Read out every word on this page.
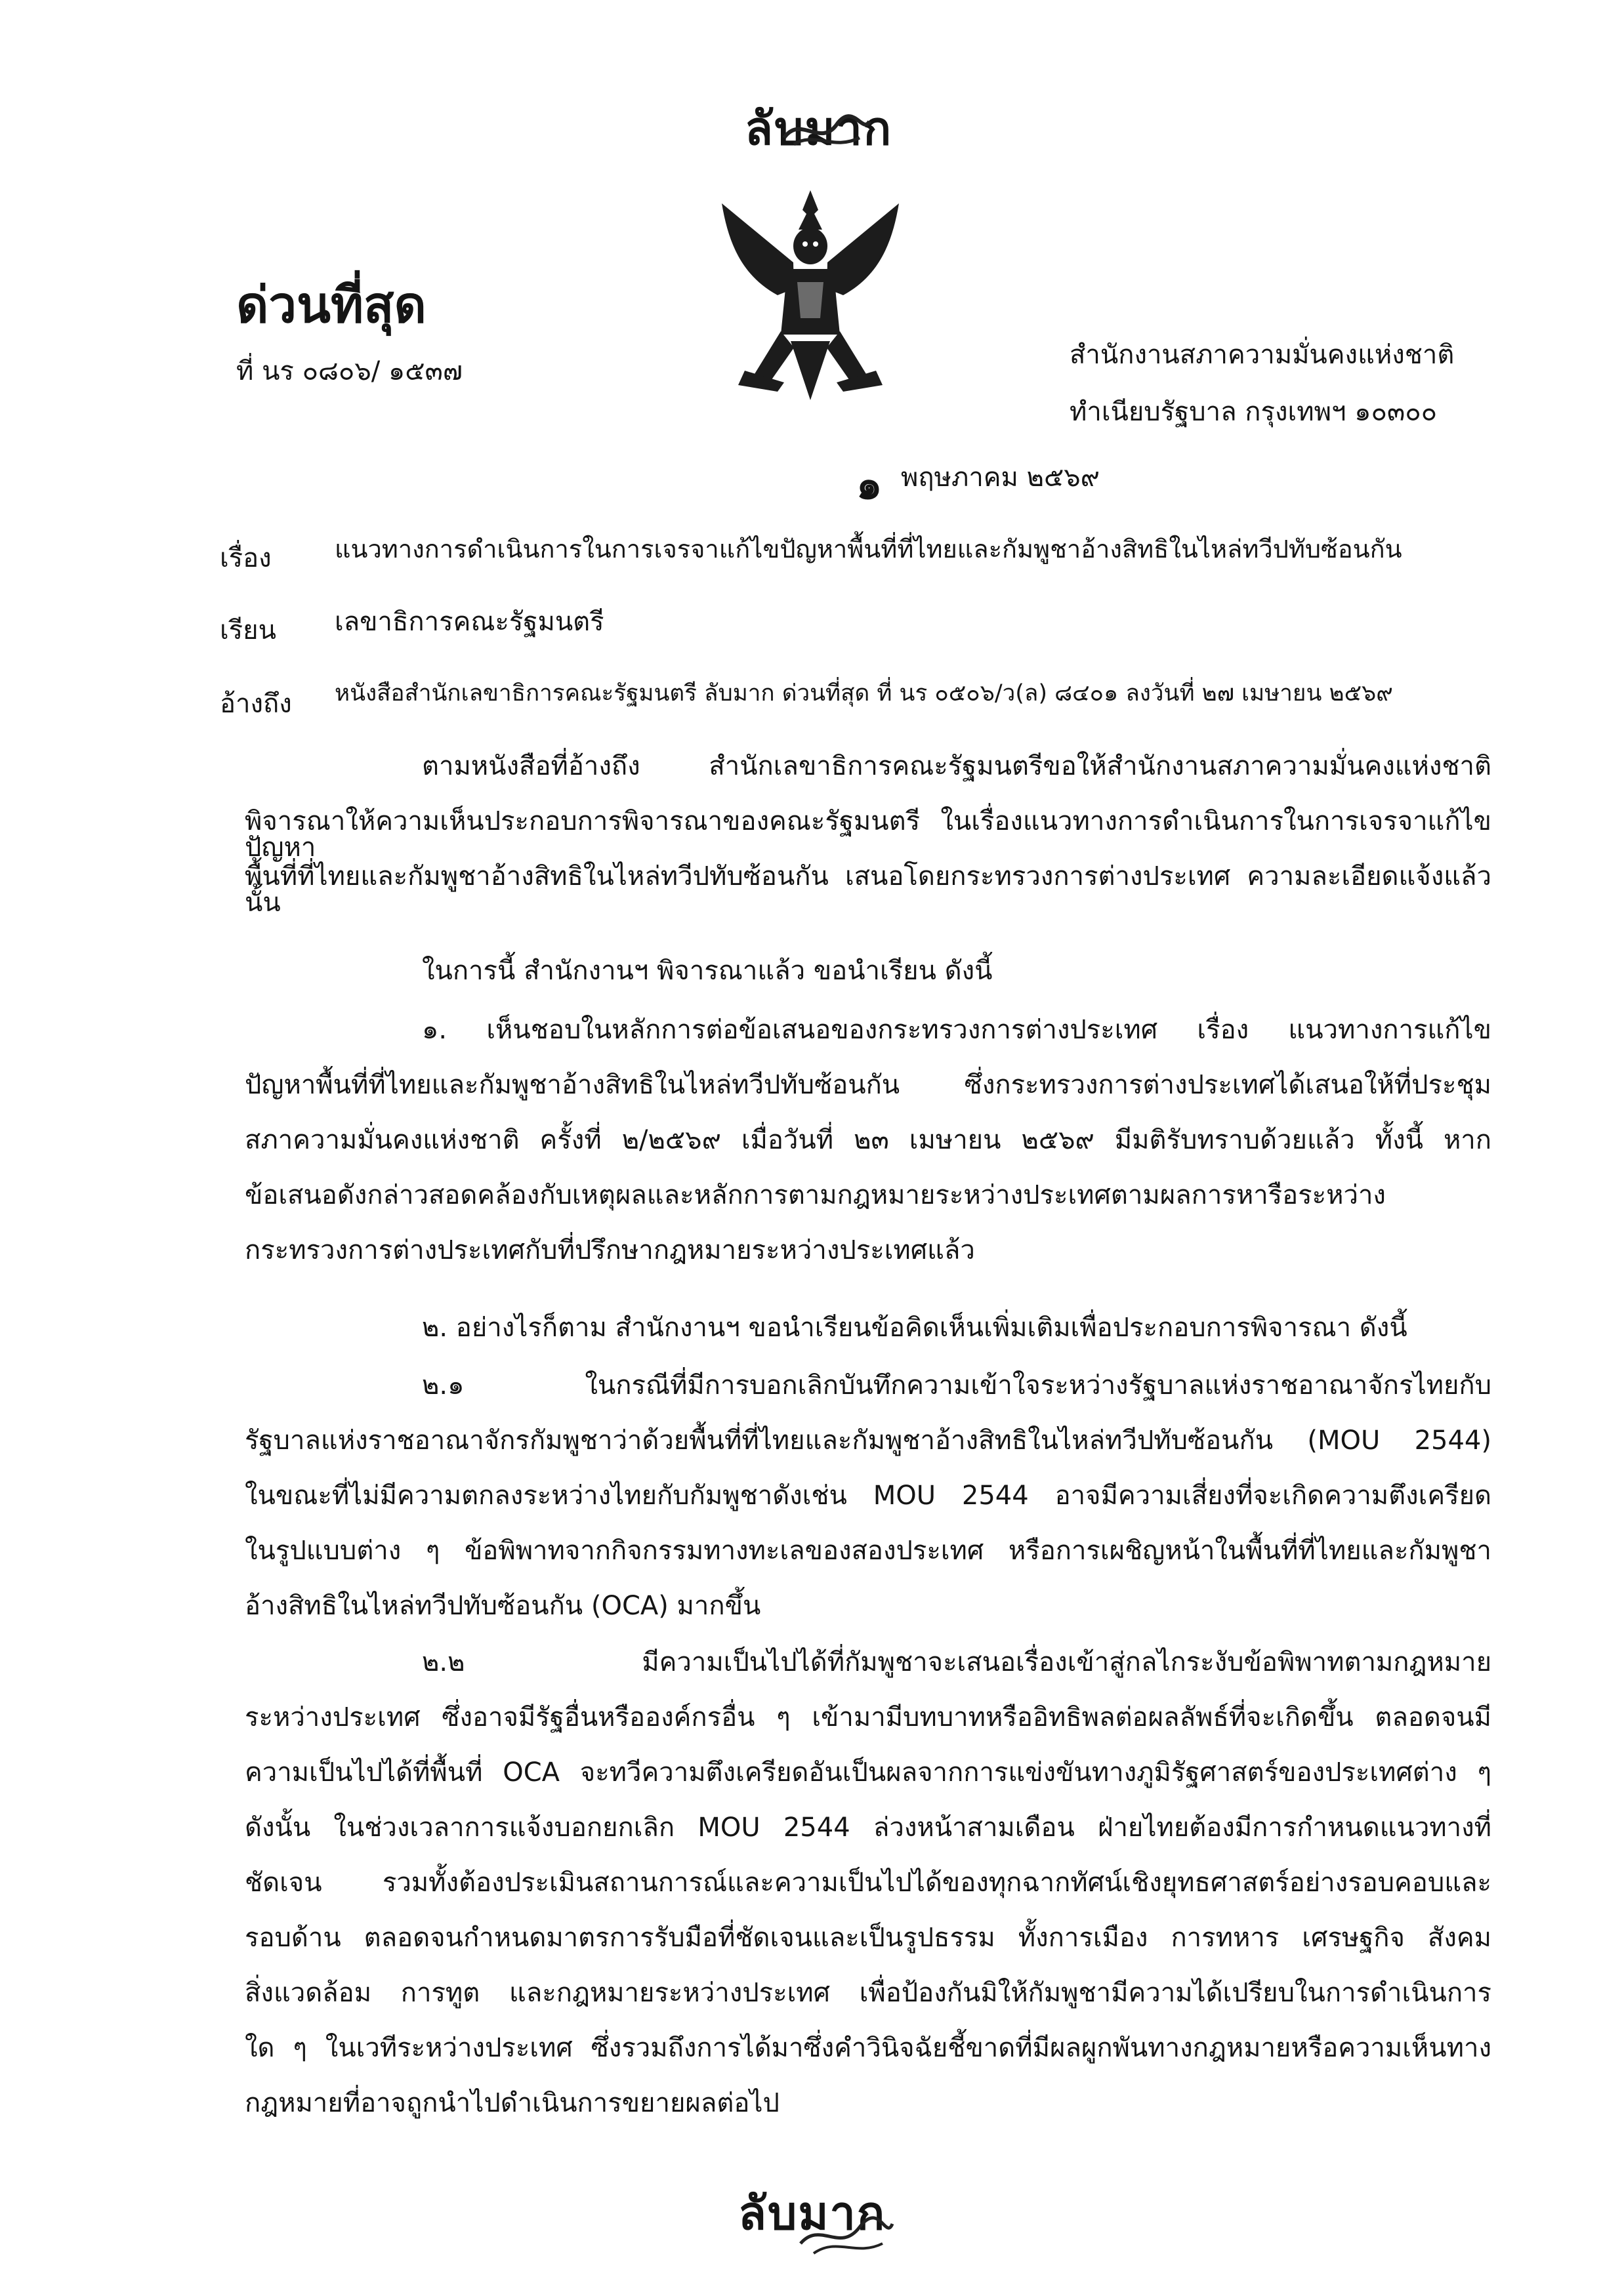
ลับมาก
ด่วนที่สุด
ที่ นร ๐๘๐๖/ ๑๕๓๗
สำนักงานสภาความมั่นคงแห่งชาติ
ทำเนียบรัฐบาล กรุงเทพฯ ๑๐๓๐๐
๑ พฤษภาคม ๒๕๖๙
เรื่อง	แนวทางการดำเนินการในการเจรจาแก้ไขปัญหาพื้นที่ที่ไทยและกัมพูชาอ้างสิทธิในไหล่ทวีปทับซ้อนกัน
เรียน เลขาธิการคณะรัฐมนตรี
อ้างถึง หนังสือสำนักเลขาธิการคณะรัฐมนตรี ลับมาก ด่วนที่สุด ที่ นร ๐๕๐๖/ว(ล) ๘๔๐๑ ลงวันที่ ๒๗ เมษายน ๒๕๖๙
ตามหนังสือที่อ้างถึง สำนักเลขาธิการคณะรัฐมนตรีขอให้สำนักงานสภาความมั่นคงแห่งชาติ
พิจารณาให้ความเห็นประกอบการพิจารณาของคณะรัฐมนตรี ในเรื่องแนวทางการดำเนินการในการเจรจาแก้ไขปัญหา
พื้นที่ที่ไทยและกัมพูชาอ้างสิทธิในไหล่ทวีปทับซ้อนกัน เสนอโดยกระทรวงการต่างประเทศ ความละเอียดแจ้งแล้ว นั้น
ในการนี้ สำนักงานฯ พิจารณาแล้ว ขอนำเรียน ดังนี้
๑. เห็นชอบในหลักการต่อข้อเสนอของกระทรวงการต่างประเทศ เรื่อง แนวทางการแก้ไข
ปัญหาพื้นที่ที่ไทยและกัมพูชาอ้างสิทธิในไหล่ทวีปทับซ้อนกัน ซึ่งกระทรวงการต่างประเทศได้เสนอให้ที่ประชุม
สภาความมั่นคงแห่งชาติ ครั้งที่ ๒/๒๕๖๙ เมื่อวันที่ ๒๓ เมษายน ๒๕๖๙ มีมติรับทราบด้วยแล้ว ทั้งนี้ หาก
ข้อเสนอดังกล่าวสอดคล้องกับเหตุผลและหลักการตามกฎหมายระหว่างประเทศตามผลการหารือระหว่าง
กระทรวงการต่างประเทศกับที่ปรึกษากฎหมายระหว่างประเทศแล้ว
๒. อย่างไรก็ตาม สำนักงานฯ ขอนำเรียนข้อคิดเห็นเพิ่มเติมเพื่อประกอบการพิจารณา ดังนี้
๒.๑ ในกรณีที่มีการบอกเลิกบันทึกความเข้าใจระหว่างรัฐบาลแห่งราชอาณาจักรไทยกับ
รัฐบาลแห่งราชอาณาจักรกัมพูชาว่าด้วยพื้นที่ที่ไทยและกัมพูชาอ้างสิทธิในไหล่ทวีปทับซ้อนกัน (MOU 2544)
ในขณะที่ไม่มีความตกลงระหว่างไทยกับกัมพูชาดังเช่น MOU 2544 อาจมีความเสี่ยงที่จะเกิดความตึงเครียด
ในรูปแบบต่าง ๆ ข้อพิพาทจากกิจกรรมทางทะเลของสองประเทศ หรือการเผชิญหน้าในพื้นที่ที่ไทยและกัมพูชา
อ้างสิทธิในไหล่ทวีปทับซ้อนกัน (OCA) มากขึ้น
๒.๒ มีความเป็นไปได้ที่กัมพูชาจะเสนอเรื่องเข้าสู่กลไกระงับข้อพิพาทตามกฎหมาย
ระหว่างประเทศ ซึ่งอาจมีรัฐอื่นหรือองค์กรอื่น ๆ เข้ามามีบทบาทหรืออิทธิพลต่อผลลัพธ์ที่จะเกิดขึ้น ตลอดจนมี
ความเป็นไปได้ที่พื้นที่ OCA จะทวีความตึงเครียดอันเป็นผลจากการแข่งขันทางภูมิรัฐศาสตร์ของประเทศต่าง ๆ
ดังนั้น ในช่วงเวลาการแจ้งบอกยกเลิก MOU 2544 ล่วงหน้าสามเดือน ฝ่ายไทยต้องมีการกำหนดแนวทางที่
ชัดเจน รวมทั้งต้องประเมินสถานการณ์และความเป็นไปได้ของทุกฉากทัศน์เชิงยุทธศาสตร์อย่างรอบคอบและ
รอบด้าน ตลอดจนกำหนดมาตรการรับมือที่ชัดเจนและเป็นรูปธรรม ทั้งการเมือง การทหาร เศรษฐกิจ สังคม
สิ่งแวดล้อม การทูต และกฎหมายระหว่างประเทศ เพื่อป้องกันมิให้กัมพูชามีความได้เปรียบในการดำเนินการ
ใด ๆ ในเวทีระหว่างประเทศ ซึ่งรวมถึงการได้มาซึ่งคำวินิจฉัยชี้ขาดที่มีผลผูกพันทางกฎหมายหรือความเห็นทาง
กฎหมายที่อาจถูกนำไปดำเนินการขยายผลต่อไป
ลับมาก
